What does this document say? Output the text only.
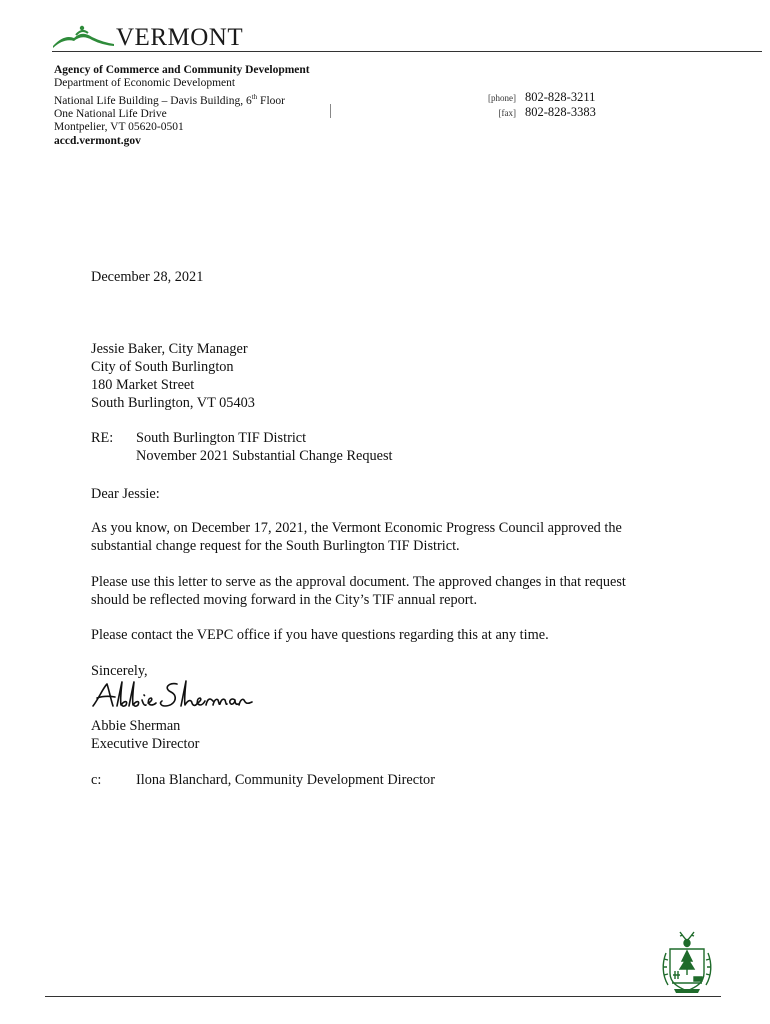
VERMONT
Agency of Commerce and Community Development
Department of Economic Development
National Life Building – Davis Building, 6th Floor
One National Life Drive
Montpelier, VT 05620-0501
accd.vermont.gov
[phone] 802-828-3211
[fax] 802-828-3383
December 28, 2021
Jessie Baker, City Manager
City of South Burlington
180 Market Street
South Burlington, VT 05403
RE: South Burlington TIF District
November 2021 Substantial Change Request
Dear Jessie:
As you know, on December 17, 2021, the Vermont Economic Progress Council approved the
substantial change request for the South Burlington TIF District.
Please use this letter to serve as the approval document. The approved changes in that request
should be reflected moving forward in the City’s TIF annual report.
Please contact the VEPC office if you have questions regarding this at any time.
Sincerely,
Abbie Sherman
Executive Director
c: Ilona Blanchard, Community Development Director
